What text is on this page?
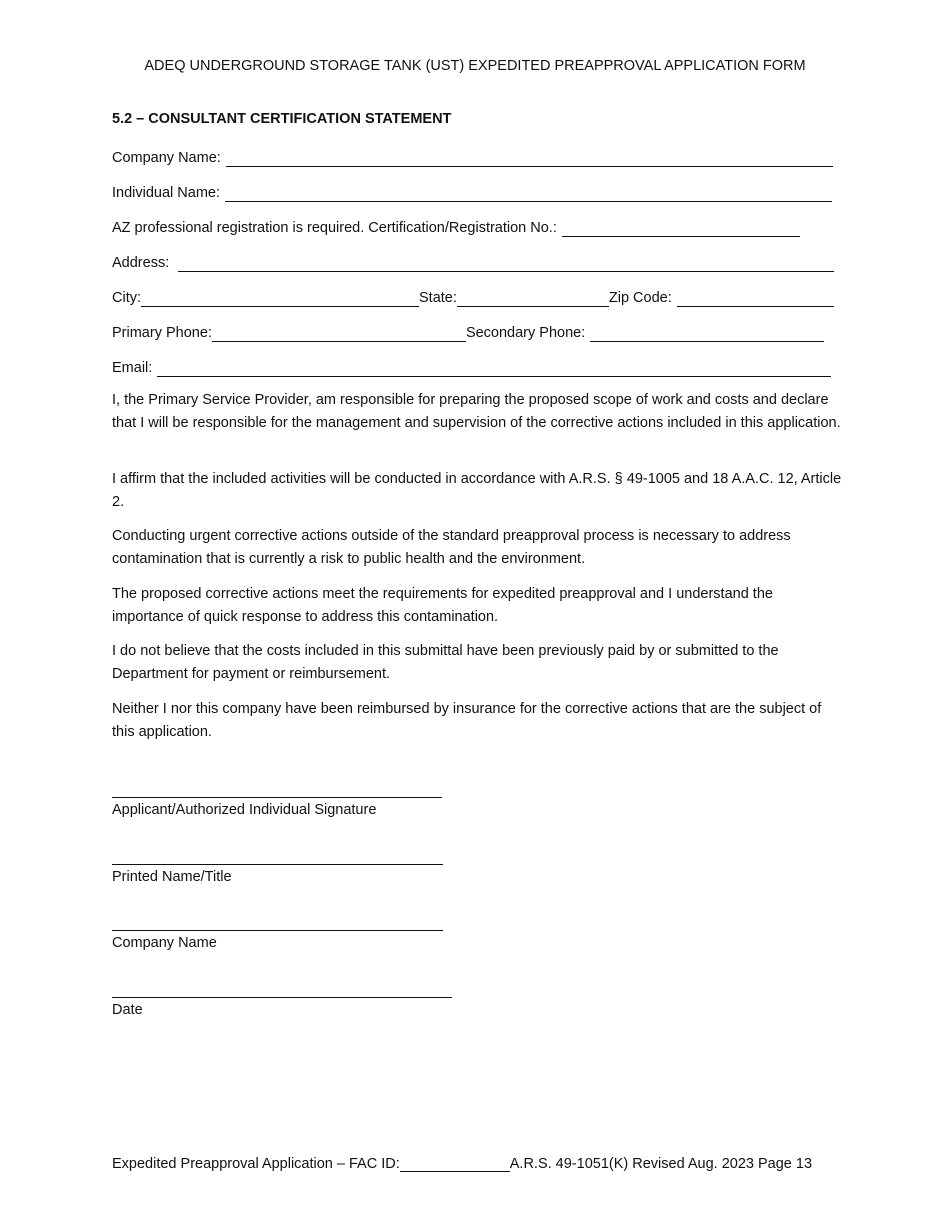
ADEQ UNDERGROUND STORAGE TANK (UST) EXPEDITED PREAPPROVAL APPLICATION FORM
5.2 – CONSULTANT CERTIFICATION STATEMENT
Company Name:
Individual Name:
AZ professional registration is required. Certification/Registration No.:
Address:
City:	State:	Zip Code:
Primary Phone:	Secondary Phone:
Email:
I, the Primary Service Provider, am responsible for preparing the proposed scope of work and costs and declare that I will be responsible for the management and supervision of the corrective actions included in this application.
I affirm that the included activities will be conducted in accordance with A.R.S. § 49-1005 and 18 A.A.C. 12, Article 2.
Conducting urgent corrective actions outside of the standard preapproval process is necessary to address contamination that is currently a risk to public health and the environment.
The proposed corrective actions meet the requirements for expedited preapproval and I understand the importance of quick response to address this contamination.
I do not believe that the costs included in this submittal have been previously paid by or submitted to the Department for payment or reimbursement.
Neither I nor this company have been reimbursed by insurance for the corrective actions that are the subject of this application.
Applicant/Authorized Individual Signature
Printed Name/Title
Company Name
Date
Expedited Preapproval Application – FAC ID:	A.R.S. 49-1051(K) Revised Aug. 2023 Page 13
